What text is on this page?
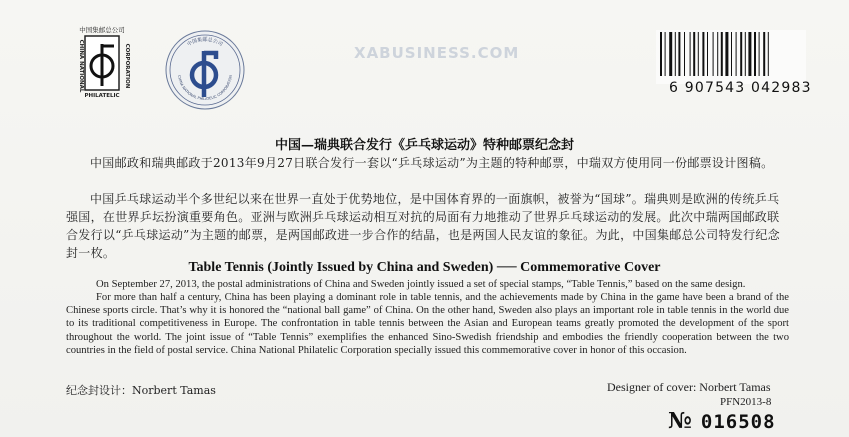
中国集邮总公司
CHINA NATIONAL	CORPORATION
PHILATELIC
中国集邮总公司
CHINA NATIONAL PHILATELIC CORPORATION
XABUSINESS.COM
6 907543 042983
中国—瑞典联合发行《乒乓球运动》特种邮票纪念封
中国邮政和瑞典邮政于2013年9月27日联合发行一套以“乒乓球运动”为主题的特种邮票，中瑞双方使用同一份邮票设计图稿。
中国乒乓球运动半个多世纪以来在世界一直处于优势地位，是中国体育界的一面旗帜，被誉为“国球”。瑞典则是欧洲的传统乒乓强国，在世界乒坛扮演重要角色。亚洲与欧洲乒乓球运动相互对抗的局面有力地推动了世界乒乓球运动的发展。此次中瑞两国邮政联合发行以“乒乓球运动”为主题的邮票，是两国邮政进一步合作的结晶，也是两国人民友谊的象征。为此，中国集邮总公司特发行纪念封一枚。
Table Tennis (Jointly Issued by China and Sweden) ── Commemorative Cover
On September 27, 2013, the postal administrations of China and Sweden jointly issued a set of special stamps, “Table Tennis,” based on the same design.
For more than half a century, China has been playing a dominant role in table tennis, and the achievements made by China in the game have been a brand of the Chinese sports circle. That’s why it is honored the “national ball game” of China. On the other hand, Sweden also plays an important role in table tennis in the world due to its traditional competitiveness in Europe. The confrontation in table tennis between the Asian and European teams greatly promoted the development of the sport throughout the world. The joint issue of “Table Tennis” exemplifies the enhanced Sino-Swedish friendship and embodies the friendly cooperation between the two countries in the field of postal service. China National Philatelic Corporation specially issued this commemorative cover in honor of this occasion.
纪念封设计：Norbert Tamas	Designer of cover: Norbert Tamas
PFN2013-8
№ 016508
